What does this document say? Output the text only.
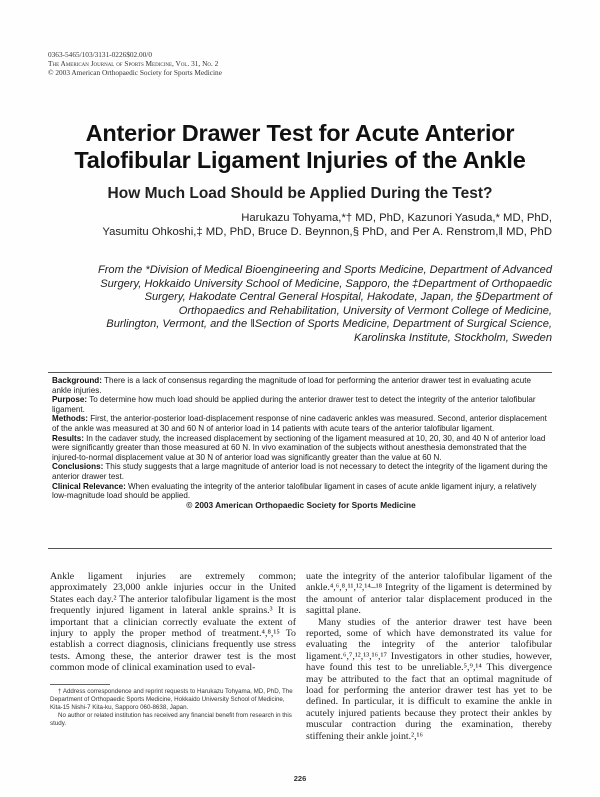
0363-5465/103/3131-0226$02.00/0
The American Journal of Sports Medicine, Vol. 31, No. 2
© 2003 American Orthopaedic Society for Sports Medicine
Anterior Drawer Test for Acute Anterior
Talofibular Ligament Injuries of the Ankle
How Much Load Should be Applied During the Test?
Harukazu Tohyama,*† MD, PhD, Kazunori Yasuda,* MD, PhD,
Yasumitu Ohkoshi,‡ MD, PhD, Bruce D. Beynnon,§ PhD, and Per A. Renstrom,‖ MD, PhD
From the *Division of Medical Bioengineering and Sports Medicine, Department of Advanced
Surgery, Hokkaido University School of Medicine, Sapporo, the ‡Department of Orthopaedic
Surgery, Hakodate Central General Hospital, Hakodate, Japan, the §Department of
Orthopaedics and Rehabilitation, University of Vermont College of Medicine,
Burlington, Vermont, and the ‖Section of Sports Medicine, Department of Surgical Science,
Karolinska Institute, Stockholm, Sweden

Background: There is a lack of consensus regarding the magnitude of load for performing the anterior drawer test in evaluating acute ankle injuries.

Purpose: To determine how much load should be applied during the anterior drawer test to detect the integrity of the anterior talofibular ligament.

Methods: First, the anterior-posterior load-displacement response of nine cadaveric ankles was measured. Second, anterior displacement of the ankle was measured at 30 and 60 N of anterior load in 14 patients with acute tears of the anterior talofibular ligament.

Results: In the cadaver study, the increased displacement by sectioning of the ligament measured at 10, 20, 30, and 40 N of anterior load were significantly greater than those measured at 60 N. In vivo examination of the subjects without anesthesia demonstrated that the injured-to-normal displacement value at 30 N of anterior load was significantly greater than the value at 60 N.

Conclusions: This study suggests that a large magnitude of anterior load is not necessary to detect the integrity of the ligament during the anterior drawer test.

Clinical Relevance: When evaluating the integrity of the anterior talofibular ligament in cases of acute ankle ligament injury, a relatively low-magnitude load should be applied.

© 2003 American Orthopaedic Society for Sports Medicine

Ankle ligament injuries are extremely common; approximately 23,000 ankle injuries occur in the United States each day.² The anterior talofibular ligament is the most frequently injured ligament in lateral ankle sprains.³ It is important that a clinician correctly evaluate the extent of injury to apply the proper method of treatment.⁴,⁸,¹⁵ To establish a correct diagnosis, clinicians frequently use stress tests. Among these, the anterior drawer test is the most common mode of clinical examination used to eval-

uate the integrity of the anterior talofibular ligament of the ankle.⁴,⁶,⁸,¹¹,¹²,¹⁴–¹⁸ Integrity of the ligament is determined by the amount of anterior talar displacement produced in the sagittal plane.

Many studies of the anterior drawer test have been reported, some of which have demonstrated its value for evaluating the integrity of the anterior talofibular ligament.⁶,⁷,¹²,¹³,¹⁶,¹⁷ Investigators in other studies, however, have found this test to be unreliable.⁵,⁹,¹⁴ This divergence may be attributed to the fact that an optimal magnitude of load for performing the anterior drawer test has yet to be defined. In particular, it is difficult to examine the ankle in acutely injured patients because they protect their ankles by muscular contraction during the examination, thereby stiffening their ankle joint.²,¹⁶

† Address correspondence and reprint requests to Harukazu Tohyama, MD, PhD, The Department of Orthopaedic Sports Medicine, Hokkaido University School of Medicine, Kita-15 Nishi-7 Kita-ku, Sapporo 060-8638, Japan.

No author or related institution has received any financial benefit from research in this study.

226
